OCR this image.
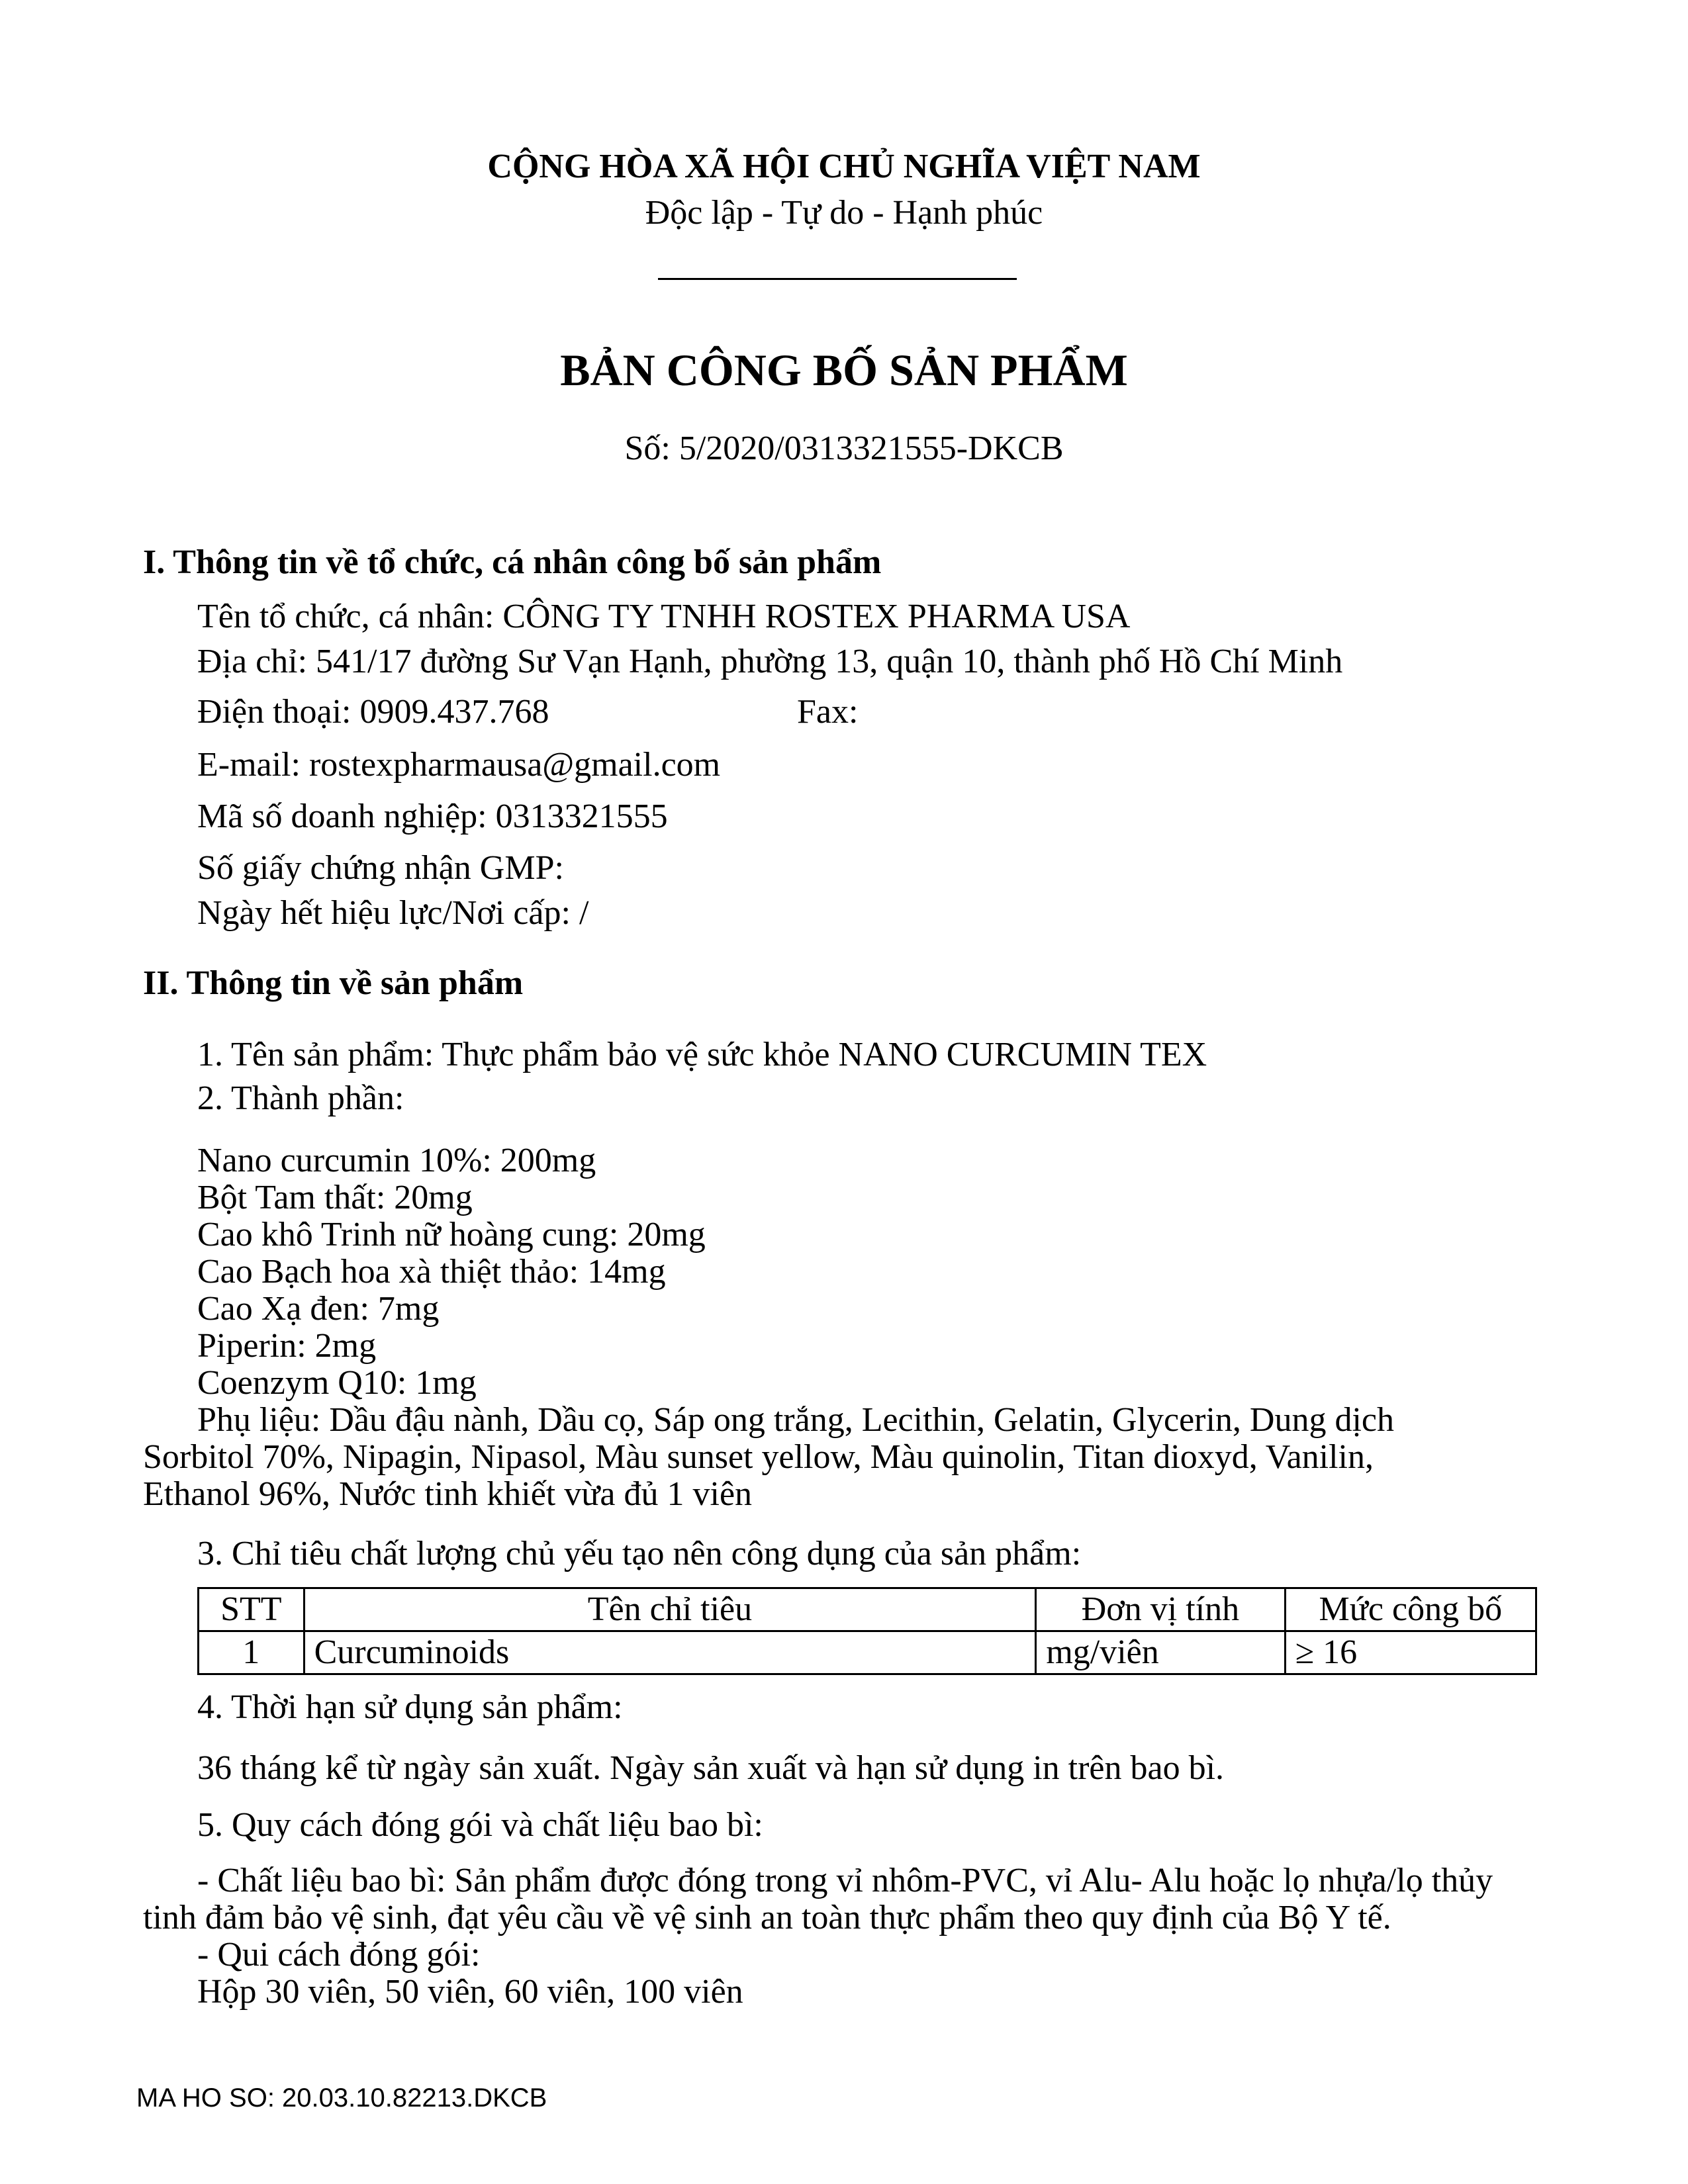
CỘNG HÒA XÃ HỘI CHỦ NGHĨA VIỆT NAM
Độc lập - Tự do - Hạnh phúc
BẢN CÔNG BỐ SẢN PHẨM
Số: 5/2020/0313321555-DKCB
I. Thông tin về tổ chức, cá nhân công bố sản phẩm
Tên tổ chức, cá nhân: CÔNG TY TNHH ROSTEX PHARMA USA
Địa chỉ: 541/17 đường Sư Vạn Hạnh, phường 13, quận 10, thành phố Hồ Chí Minh
Điện thoại: 0909.437.768	Fax:
E-mail: rostexpharmausa@gmail.com
Mã số doanh nghiệp: 0313321555
Số giấy chứng nhận GMP:
Ngày hết hiệu lực/Nơi cấp: /
II. Thông tin về sản phẩm
1. Tên sản phẩm: Thực phẩm bảo vệ sức khỏe NANO CURCUMIN TEX
2. Thành phần:
Nano curcumin 10%: 200mg
Bột Tam thất: 20mg
Cao khô Trinh nữ hoàng cung: 20mg
Cao Bạch hoa xà thiệt thảo: 14mg
Cao Xạ đen: 7mg
Piperin: 2mg
Coenzym Q10: 1mg
Phụ liệu: Dầu đậu nành, Dầu cọ, Sáp ong trắng, Lecithin, Gelatin, Glycerin, Dung dịch
Sorbitol 70%, Nipagin, Nipasol, Màu sunset yellow, Màu quinolin, Titan dioxyd, Vanilin,
Ethanol 96%, Nước tinh khiết vừa đủ 1 viên
3. Chỉ tiêu chất lượng chủ yếu tạo nên công dụng của sản phẩm:
STT	Tên chỉ tiêu	Đơn vị tính	Mức công bố
1	Curcuminoids	mg/viên	≥ 16
4. Thời hạn sử dụng sản phẩm:
36 tháng kể từ ngày sản xuất. Ngày sản xuất và hạn sử dụng in trên bao bì.
5. Quy cách đóng gói và chất liệu bao bì:
- Chất liệu bao bì: Sản phẩm được đóng trong vỉ nhôm-PVC, vỉ Alu- Alu hoặc lọ nhựa/lọ thủy
tinh đảm bảo vệ sinh, đạt yêu cầu về vệ sinh an toàn thực phẩm theo quy định của Bộ Y tế.
- Qui cách đóng gói:
Hộp 30 viên, 50 viên, 60 viên, 100 viên
MA HO SO: 20.03.10.82213.DKCB
